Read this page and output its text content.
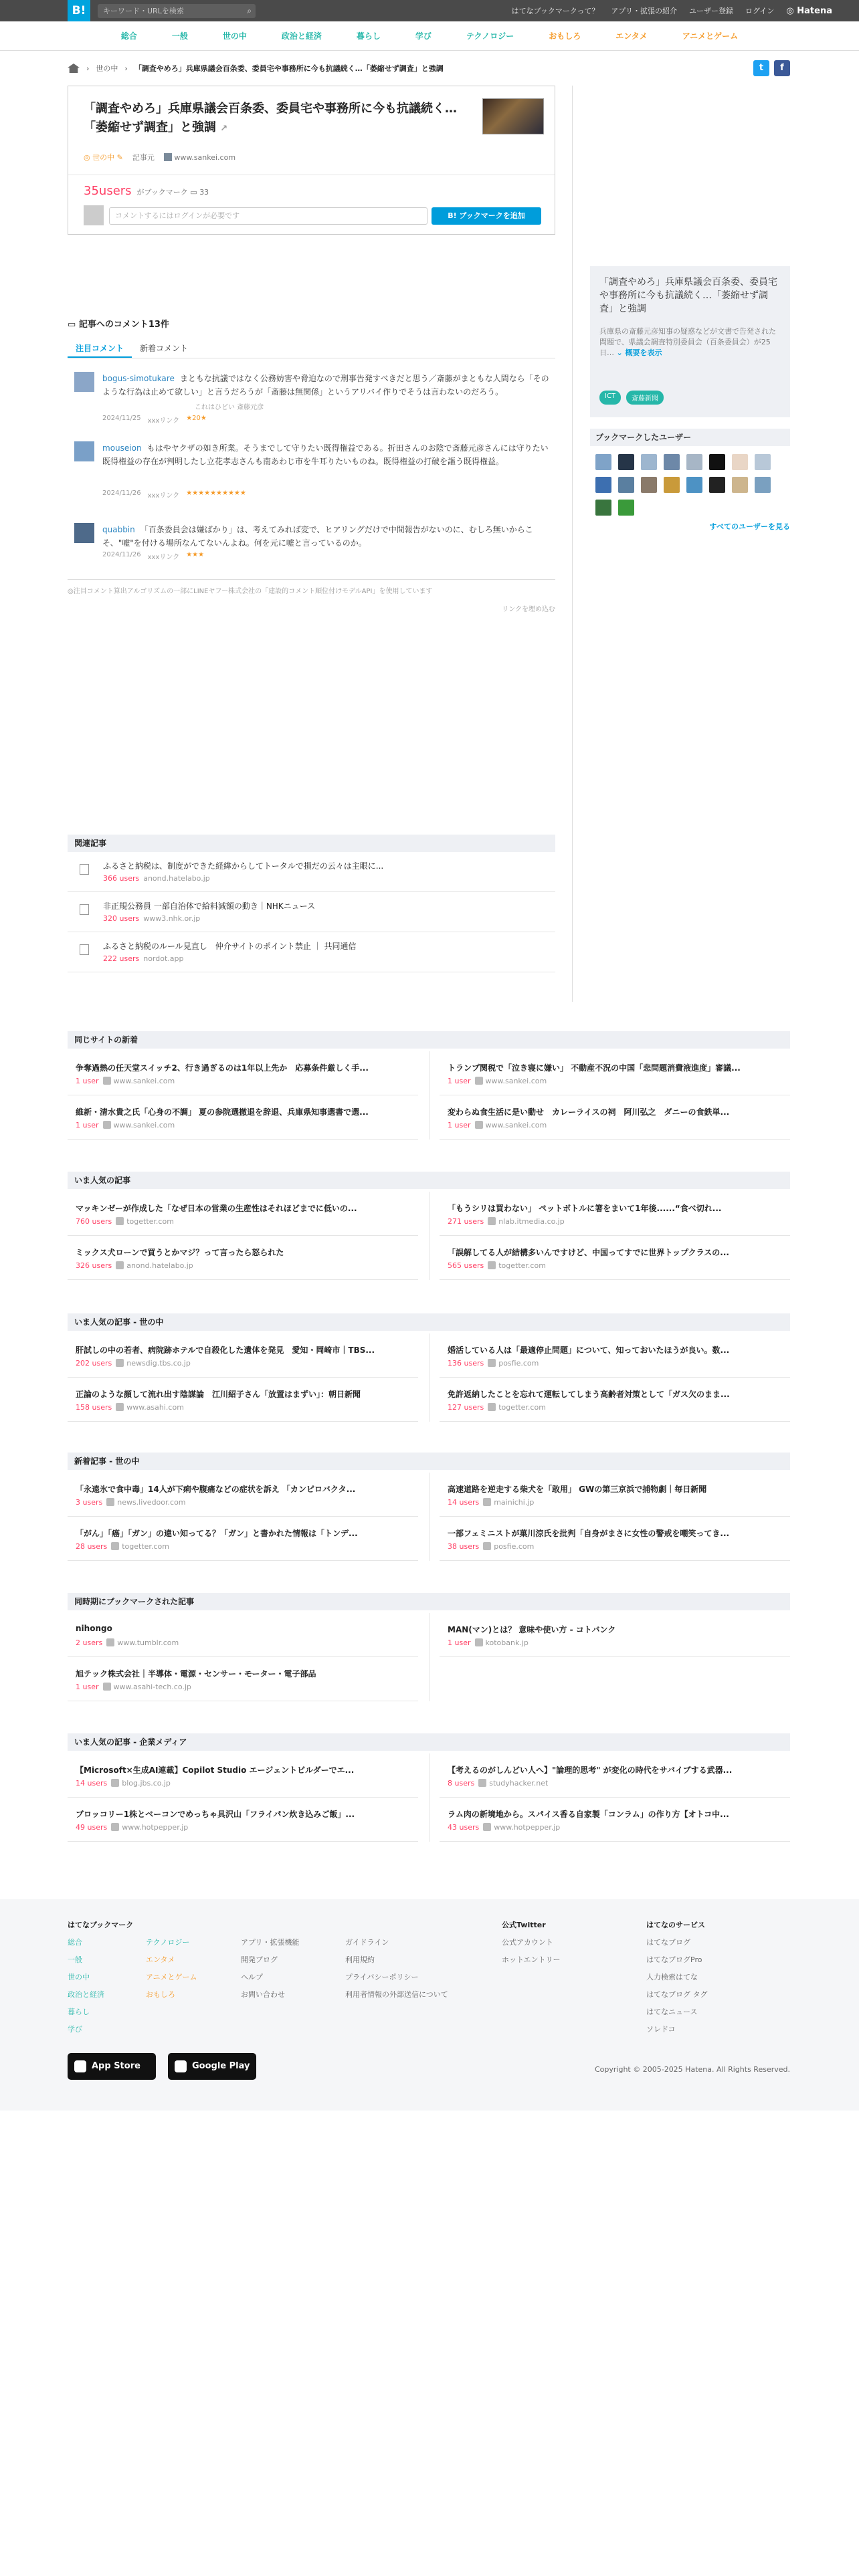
B!	キーワード・URLを検索	⌕	はてなブックマークって？ アプリ・拡張の紹介 ユーザー登録 ログイン ◎ Hatena
総合	一般	世の中	政治と経済	暮らし	学び	テクノロジー	おもしろ	エンタメ	アニメとゲーム
› 世の中 › 「調査やめろ」兵庫県議会百条委、委員宅や事務所に今も抗議続く…「萎縮せず調査」と強調	t	f
「調査やめろ」兵庫県議会百条委、委員宅や事務所に今も抗議続く…「萎縮せず調査」と強調 ↗
◎ 世の中 ✎ 記事元	www.sankei.com
35users がブックマーク ▭ 33
コメントするにはログインが必要です	B! ブックマークを追加
「調査やめろ」兵庫県議会百条委、委員宅や事務所に今も抗議続く…「萎縮せず調査」と強調

兵庫県の斎藤元彦知事の疑惑などが文書で告発された問題で、県議会調査特別委員会（百条委員会）が25日… ⌄ 概要を表示

ICT	斎藤新聞
ブックマークしたユーザー
すべてのユーザーを見る
▭ 記事へのコメント13件
注目コメント	新着コメント
bogus-simotukare まともな抗議ではなく公務妨害や脅迫なので刑事告発すべきだと思う／斎藤がまともな人間なら「そのような行為は止めて欲しい」と言うだろうが「斎藤は無関係」というアリバイ作りでそうは言わないのだろう。
2024/11/25 xxxリンク ★20★
これはひどい 斎藤元彦
mouseion もはやヤクザの如き所業。そうまでして守りたい既得権益である。折田さんのお陰で斎藤元彦さんには守りたい既得権益の存在が判明したし立花孝志さんも南あわじ市を牛耳りたいものね。既得権益の打破を謳う既得権益。
2024/11/26 xxxリンク ★★★★★★★★★★
quabbin 「百条委員会は嫌ばかり」は、考えてみれば変で、ヒアリングだけで中間報告がないのに、むしろ無いからこそ、"嘘"を付ける場所なんてないんよね。何を元に嘘と言っているのか。
2024/11/26 xxxリンク ★★★
◎注目コメント算出アルゴリズムの一部にLINEヤフー株式会社の「建設的コメント順位付けモデルAPI」を使用しています
リンクを埋め込む
関連記事
ふるさと納税は、制度ができた経緯からしてトータルで損だの云々は主眼に...
366 users anond.hatelabo.jp
非正規公務員 一部自治体で給料減額の動き｜NHKニュース
320 users www3.nhk.or.jp
ふるさと納税のルール見直し　仲介サイトのポイント禁止 ｜ 共同通信
222 users nordot.app
同じサイトの新着
争奪過熱の任天堂スイッチ2、行き過ぎるのは1年以上先か　応募条件厳しく手...
1 user www.sankei.com
トランプ関税で「泣き寝に嫌い」 不動産不況の中国「悲問題消費液進度」審議...
1 user www.sankei.com
維新・清水貴之氏「心身の不調」 夏の参院選撤退を辞退、兵庫県知事選書で選...
1 user www.sankei.com
変わらぬ食生活に是い動せ　カレーライスの祠　阿川弘之　ダニーの食鉄単...
1 user www.sankei.com
いま人気の記事
マッキンゼーが作成した「なぜ日本の営業の生産性はそれほどまでに低いの...
760 users togetter.com
「もうシリは買わない」 ペットボトルに箸をまいて1年後......“食べ切れ...
271 users nlab.itmedia.co.jp
ミックス犬ローンで買うとかマジ？って言ったら怒られた
326 users anond.hatelabo.jp
「誤解してる人が結構多いんですけど、中国ってすでに世界トップクラスの...
565 users togetter.com
いま人気の記事 - 世の中
肝試しの中の若者、病院跡ホテルで自殺化した遺体を発見　愛知・岡崎市｜TBS...
202 users newsdig.tbs.co.jp
婚活している人は「最適停止問題」について、知っておいたほうが良い。数...
136 users posfie.com
正論のような顔して流れ出す陰謀論　江川紹子さん「放置はまずい」：朝日新聞
158 users www.asahi.com
免許返納したことを忘れて運転してしまう高齢者対策として「ガス欠のまま...
127 users togetter.com
新着記事 - 世の中
「永遠氷で食中毒」14人が下痢や腹痛などの症状を訴え 「カンピロバクタ...
3 users news.livedoor.com
高速道路を逆走する柴犬を「敢用」 GWの第三京浜で捕物劇｜毎日新聞
14 users mainichi.jp
「がん」「癌」「ガン」の違い知ってる？「ガン」と書かれた情報は「トンデ...
28 users togetter.com
一部フェミニストが菓川涼氏を批判「自身がまさに女性の警戒を嘲笑ってき...
38 users posfie.com
同時期にブックマークされた記事
nihongo
2 users www.tumblr.com
MAN(マン)とは？ 意味や使い方 - コトバンク
1 user kotobank.jp
旭テック株式会社｜半導体・電源・センサー・モーター・電子部品
1 user www.asahi-tech.co.jp
いま人気の記事 - 企業メディア
【Microsoft×生成AI連載】Copilot Studio エージェントビルダーでエ...
14 users blog.jbs.co.jp
【考えるのがしんどい人へ】"論理的思考" が変化の時代をサバイブする武器...
8 users studyhacker.net
ブロッコリー1株とベーコンでめっちゃ具沢山「フライパン炊き込みご飯」...
49 users www.hotpepper.jp
ラム肉の新境地から。スパイス香る自家製「コンラム」の作り方【オトコ中...
43 users www.hotpepper.jp
はてなブックマーク
総合
一般
世の中
政治と経済
暮らし
学び
テクノロジー
エンタメ
アニメとゲーム
おもしろ
アプリ・拡張機能
開発ブログ
ヘルプ
お問い合わせ
ガイドライン
利用規約
プライバシーポリシー
利用者情報の外部送信について
公式Twitter
公式アカウント
ホットエントリー
はてなのサービス
はてなブログ
はてなブログPro
人力検索はてな
はてなブログ タグ
はてなニュース
ソレドコ
App Store	Google Play	Copyright © 2005-2025 Hatena. All Rights Reserved.
